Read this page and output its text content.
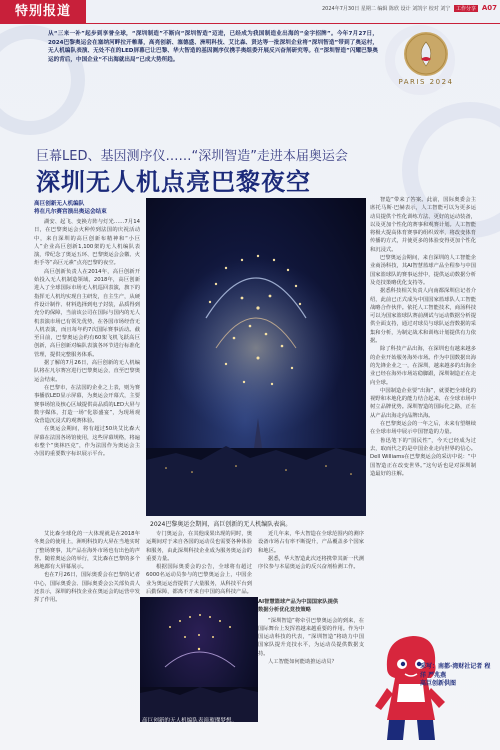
特别报道	2024年7月30日 星期二 编辑 陈欣 设计 刘凯宇 校对 刘宁 工作分享 A07
从“三来一补”起步到享誉全球，“深圳制造”不断向“深圳智造”迈进，已经成为我国制造业出海的“金字招牌”。今年7月27日，2024巴黎奥运会在塞纳河畔拉开帷幕，高亮创新、塞德盛、洲明科技、艾比森、贤达等一批深圳企业将“深圳智造”带到了奥运村，无人机编队表演、无处不在的LED屏幕已让巴黎、华大智造的基因测序仪携手奥组委开展反兴奋剂研究等。在“深圳智造”闪耀巴黎奥运的背后，中国企业“不出海就出局”已成大势所趋。
PARIS 2024
巨幕LED、基因测序仪……“深圳智造”走进本届奥运会
深圳无人机点亮巴黎夜空

高巨创新无人机编队
将在凡尔赛宫演出奥运会结束

湖安、起飞、变换方阵与灯光……7月14日，在巴黎奥运会火种传到法国的庆祝活动中，来自深圳的高巨创新布精神和“小巨人”企业高巨创新1,100架的无人机编队表演，带纪念了奥运五环、巴黎奥运会会徽、火炬手等“高巨元素”点亮巴黎的夜空。

高巨创新负责人在2014年，高巨创新开始投入无人机制造领域，2018年，高巨创新进入了全球国际市场无人机巡回表演，旗下的指挥无人机均实现自主研发，自主生产，从硬件设计制作、材料选择到电子封装，品质得到充分的保障，当前该公司在国际与国内的无人机表演市场已有领先优势，在各国市场经营无人机表演，而且每年约7次国际赛事活动。截至目前，巴黎奥运会约有60架飞机飞跃高巨创新，高巨创新对编队表演各环节进行标准化管理，提供完整服务体系。

据了解的7月26日，高巨创新的无人机编队将在凡尔赛宫进行巴黎奥运会，直至巴黎奥运会结束。

在巴黎市，在法国的企业之上表，则为赛事播放LED显示屏幕，为奥运会开幕式，主要赛事场馆及核心区域提供高品质的LED大屏与数字媒体，打造一场“化影盛宴”，为现场观众营造沉浸式的观赛体验。

在奥运会期间，将有超过50块艾比森大屏幕在法国各场馆使用，这些屏幕规格，将遍布整个“奥林匹克”，作为法国作为奥运会主办国的重要数字标识展示平台。

2024巴黎奥运会期间，高巨创新的无人机编队表演。

智造”带来了答案。此前，国际奥委会主席托马斯·巴赫表示，人工智能可以为更多运动员提供个性化训练方法、更好的运动装备，以及更加个性化的赛事和观赛计划。人工智能将极大提高体育赛事的组织效率，将改变体育传播的方式，并使更多的体验变得更加个性化和沉浸式。

巴黎奥运会期间，来自深圳的人工智能企业商汤科技，其AI智慧篮球产品全程参与中国国家篮球队的赛事运营中，提供运动数据分析及竞技策略优化支持等。

据悉科技相关负责人向南都深圳信记者介绍，此前已正式成为中国国家篮球队人工智能战略合作伙伴。依托人工智能技术，商汤科技可以为国家篮球队赛前测试与运动数据分析提供全面支持，通过对球员与球队运营数据的采集和分析，为制定战术和训练计划提供有力依据。

除了科技产品出海，在深圳也有越来越多的企业开始服务海外市场。作为中国数据出海的先锋企业之一，在深圳，越来越多的出海企业已经在海外市场站稳脚跟，深圳制造正在走向全球。

中国制造企业要“出海”，就要把全球化的视野和本地化的能力结合起来，在全球市场中树立品牌优势。深圳智造的国际化之路，正在从产品出海走向品牌出海。

在巴黎奥运会的一年之后，未来有望继续在全球市场中展示中国智造的力量。

鲁迅笔下的“国民性”，今天已经成为过去，取而代之的是中国企业走向世界的信心。Dell Williams在巴黎奥运会的采访中说：“中国智造正在改变世界。”这句话也是对深圳制造最好的注解。

艾比森全球化的一大体现就是在2018年冬奥会的使用上，洲明科技的大屏在当地实时了整场赛事，其产品在海外市场也有出色的声誉。随着奥运会的举行，艾比森在巴黎的多个场地都有大屏幕展示。

也在7月26日，国际奥委会在巴黎的记者中心，国际奥委会、国际奥委会公关部负责人还表示，深圳的科技企业在奥运会的运营中发挥了作用。

专门奥运会，在其他成果出现的同时，奥运期间对于来自各国的运动员也需要各种体验和服务，由此深圳科技企业成为服务奥运会的重要力量。

根据国际奥委会的公告，全球将有超过6000名运动员参与的巴黎奥运会上，中国企业为奥运运营提供了大量服务，从科技平台到后勤保障，都离不开来自中国的高科技产品。

近几年来，华大智造在全球范围内的测序设备市场占有率不断提升，产品覆盖多个国家和地区。

据悉，华大智造此次还将携带其新一代测序仪参与本届奥运会的反兴奋剂检测工作。

高巨创新的无人机编队表演璀璨梦想。

AI智慧篮球产品为中国国家队提供
数据分析优化竞技策略

“深圳智造”将牵引巴黎奥运会的到来，在国际舞台上发挥着越来越重要的作用。作为中国运动科技的代表，“深圳智造”将助力中国国家队提升竞技水平，为运动员提供数据支持。

人工智能如何能助推运动员？

采写：南都·湾财社记者 程洋 严兆燕
高巨创新供图
